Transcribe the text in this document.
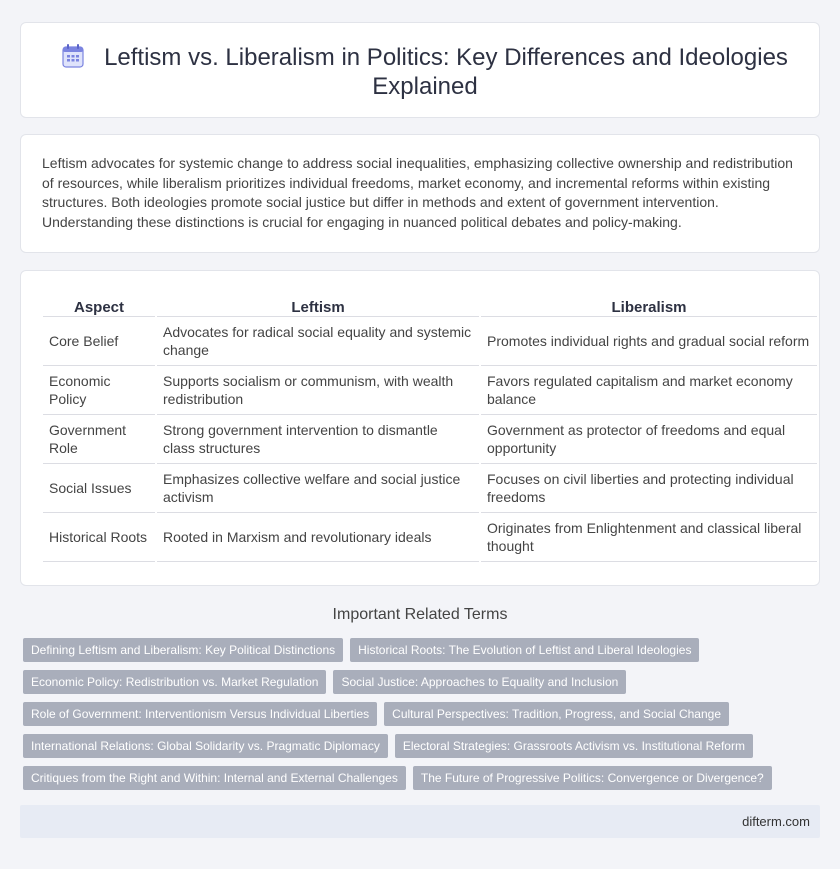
Leftism vs. Liberalism in Politics: Key Differences and Ideologies Explained

Leftism advocates for systemic change to address social inequalities, emphasizing collective ownership and redistribution of resources, while liberalism prioritizes individual freedoms, market economy, and incremental reforms within existing structures. Both ideologies promote social justice but differ in methods and extent of government intervention. Understanding these distinctions is crucial for engaging in nuanced political debates and policy-making.

Aspect	Leftism	Liberalism
Core Belief	Advocates for radical social equality and systemic change	Promotes individual rights and gradual social reform
Economic Policy	Supports socialism or communism, with wealth redistribution	Favors regulated capitalism and market economy balance
Government Role	Strong government intervention to dismantle class structures	Government as protector of freedoms and equal opportunity
Social Issues	Emphasizes collective welfare and social justice activism	Focuses on civil liberties and protecting individual freedoms
Historical Roots	Rooted in Marxism and revolutionary ideals	Originates from Enlightenment and classical liberal thought
Important Related Terms
Defining Leftism and Liberalism: Key Political Distinctions	Historical Roots: The Evolution of Leftist and Liberal Ideologies
Economic Policy: Redistribution vs. Market Regulation	Social Justice: Approaches to Equality and Inclusion
Role of Government: Interventionism Versus Individual Liberties	Cultural Perspectives: Tradition, Progress, and Social Change
International Relations: Global Solidarity vs. Pragmatic Diplomacy	Electoral Strategies: Grassroots Activism vs. Institutional Reform
Critiques from the Right and Within: Internal and External Challenges	The Future of Progressive Politics: Convergence or Divergence?
difterm.com
